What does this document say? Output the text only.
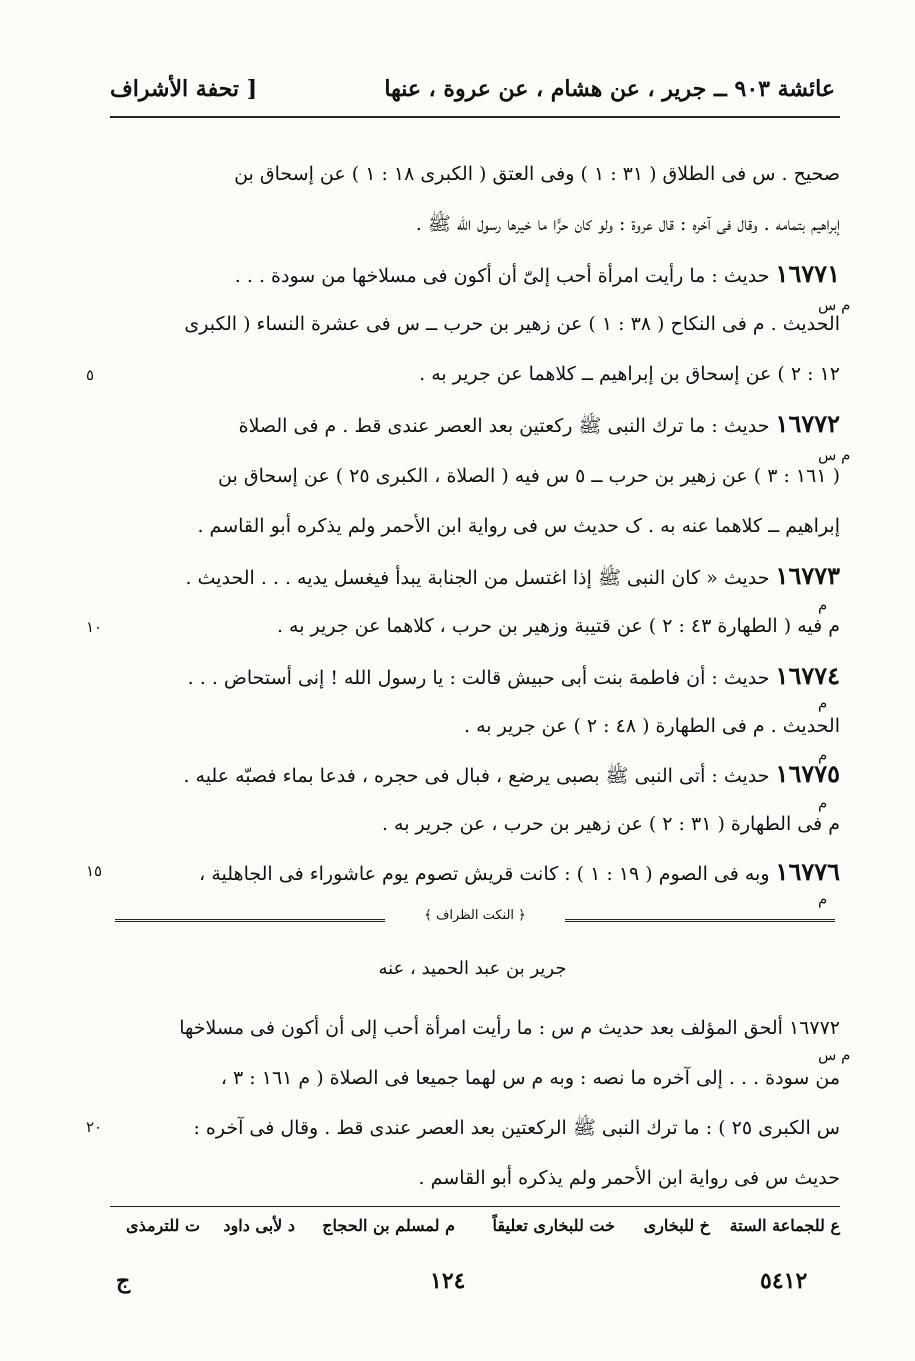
عائشة ٩٠٣ ــ جرير ، عن هشام ، عن عروة ، عنها
[ تحفة الأشراف
صحيح . س فى الطلاق ( ٣١ : ١ ) وفى العتق ( الكبرى ١٨ : ١ ) عن إسحاق بن
إبراهيم بتمامه . وقال فى آخره : قال عروة : ولو كان حرًّا ما خيرها رسول الله ﷺ .
١٦٧٧١ حديث : ما رأيت امرأة أحب إلىّ أن أكون فى مسلاخها من سودة . . .
الحديث . م فى النكاح ( ٣٨ : ١ ) عن زهير بن حرب ــ س فى عشرة النساء ( الكبرى
١٢ : ٢ ) عن إسحاق بن إبراهيم ــ كلاهما عن جرير به .
١٦٧٧٢ حديث : ما ترك النبى ﷺ ركعتين بعد العصر عندى قط . م فى الصلاة
( ١٦١ : ٣ ) عن زهير بن حرب ــ ٥ س فيه ( الصلاة ، الكبرى ٢٥ ) عن إسحاق بن
إبراهيم ــ كلاهما عنه به . ک حديث س فى رواية ابن الأحمر ولم يذكره أبو القاسم .
١٦٧٧٣ حديث « كان النبى ﷺ إذا اغتسل من الجنابة يبدأ فيغسل يديه . . . الحديث .
م فيه ( الطهارة ٤٣ : ٢ ) عن قتيبة وزهير بن حرب ، كلاهما عن جرير به .
١٦٧٧٤ حديث : أن فاطمة بنت أبى حبيش قالت : يا رسول الله ! إنى أستحاض . . .
الحديث . م فى الطهارة ( ٤٨ : ٢ ) عن جرير به .
١٦٧٧٥ حديث : أتى النبى ﷺ بصبى يرضع ، فبال فى حجره ، فدعا بماء فصبّه عليه .
م فى الطهارة ( ٣١ : ٢ ) عن زهير بن حرب ، عن جرير به .
١٦٧٧٦ وبه فى الصوم ( ١٩ : ١ ) : كانت قريش تصوم يوم عاشوراء فى الجاهلية ،
م س
م س
م
م
م
م
م
م س
٥
١٠
١٥
٢٠
﴿ النكت الظراف ﴾
جرير بن عبد الحميد ، عنه
١٦٧٧٢ ألحق المؤلف بعد حديث م س : ما رأيت امرأة أحب إلى أن أكون فى مسلاخها
من سودة . . . إلى آخره ما نصه : وبه م س لهما جميعا فى الصلاة ( م ١٦١ : ٣ ،
س الكبرى ٢٥ ) : ما ترك النبى ﷺ الركعتين بعد العصر عندى قط . وقال فى آخره :
حديث س فى رواية ابن الأحمر ولم يذكره أبو القاسم .
ع للجماعة الستة
خ للبخارى
خت للبخارى تعليقاً
م لمسلم بن الحجاج
د لأبى داود
ت للترمذى
٥٤١٢
١٢٤
ج
